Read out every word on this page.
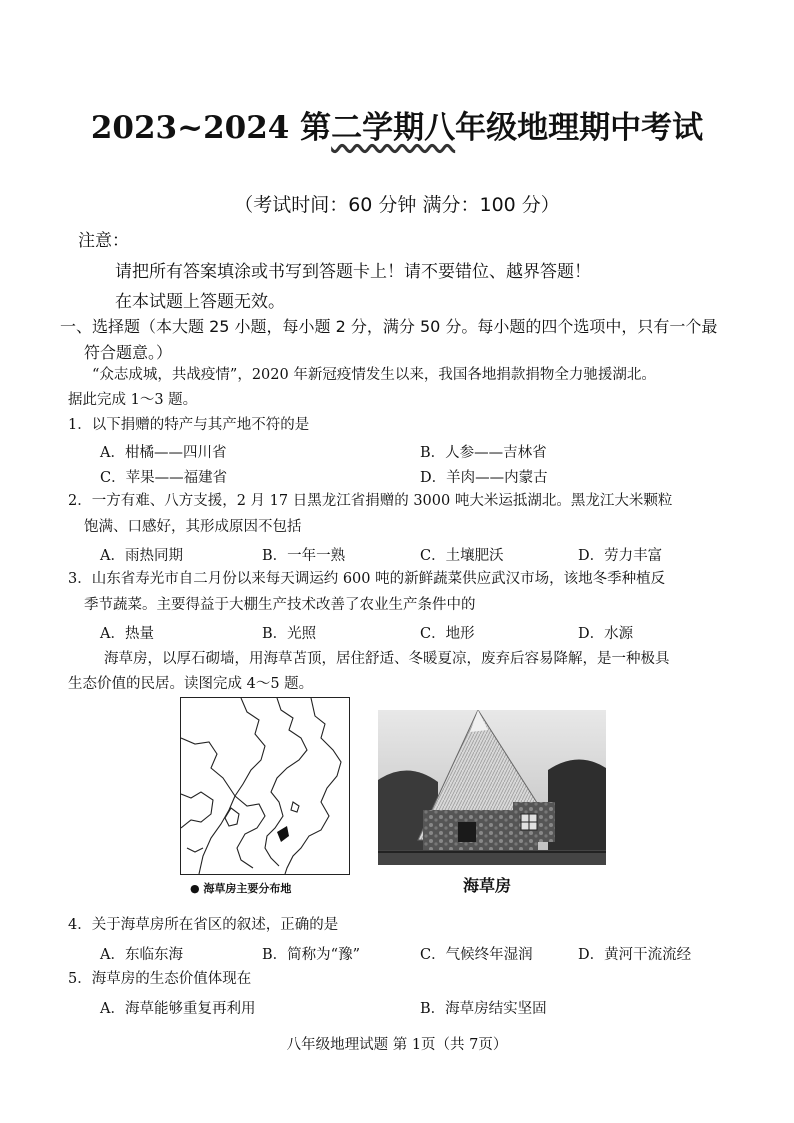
2023~2024 第二学期八年级地理期中考试
（考试时间：60 分钟 满分：100 分）
注意：
请把所有答案填涂或书写到答题卡上！请不要错位、越界答题！
在本试题上答题无效。
一、选择题（本大题 25 小题，每小题 2 分，满分 50 分。每小题的四个选项中，只有一个最
符合题意。）
“众志成城，共战疫情”，2020 年新冠疫情发生以来，我国各地捐款捐物全力驰援湖北。
据此完成 1～3 题。
1．以下捐赠的特产与其产地不符的是
A．柑橘——四川省	B．人参——吉林省
C．苹果——福建省	D．羊肉——内蒙古
2．一方有难、八方支援，2 月 17 日黑龙江省捐赠的 3000 吨大米运抵湖北。黑龙江大米颗粒
饱满、口感好，其形成原因不包括
A．雨热同期	B．一年一熟	C．土壤肥沃	D．劳力丰富
3．山东省寿光市自二月份以来每天调运约 600 吨的新鲜蔬菜供应武汉市场，该地冬季种植反
季节蔬菜。主要得益于大棚生产技术改善了农业生产条件中的
A．热量	B．光照	C．地形	D．水源
海草房，以厚石砌墙，用海草苫顶，居住舒适、冬暖夏凉，废弃后容易降解，是一种极具
生态价值的民居。读图完成 4～5 题。
● 海草房主要分布地	海草房
4．关于海草房所在省区的叙述，正确的是
A．东临东海	B．简称为“豫”	C．气候终年湿润	D．黄河干流流经
5．海草房的生态价值体现在
A．海草能够重复再利用	B．海草房结实坚固
八年级地理试题 第 1页（共 7页）
